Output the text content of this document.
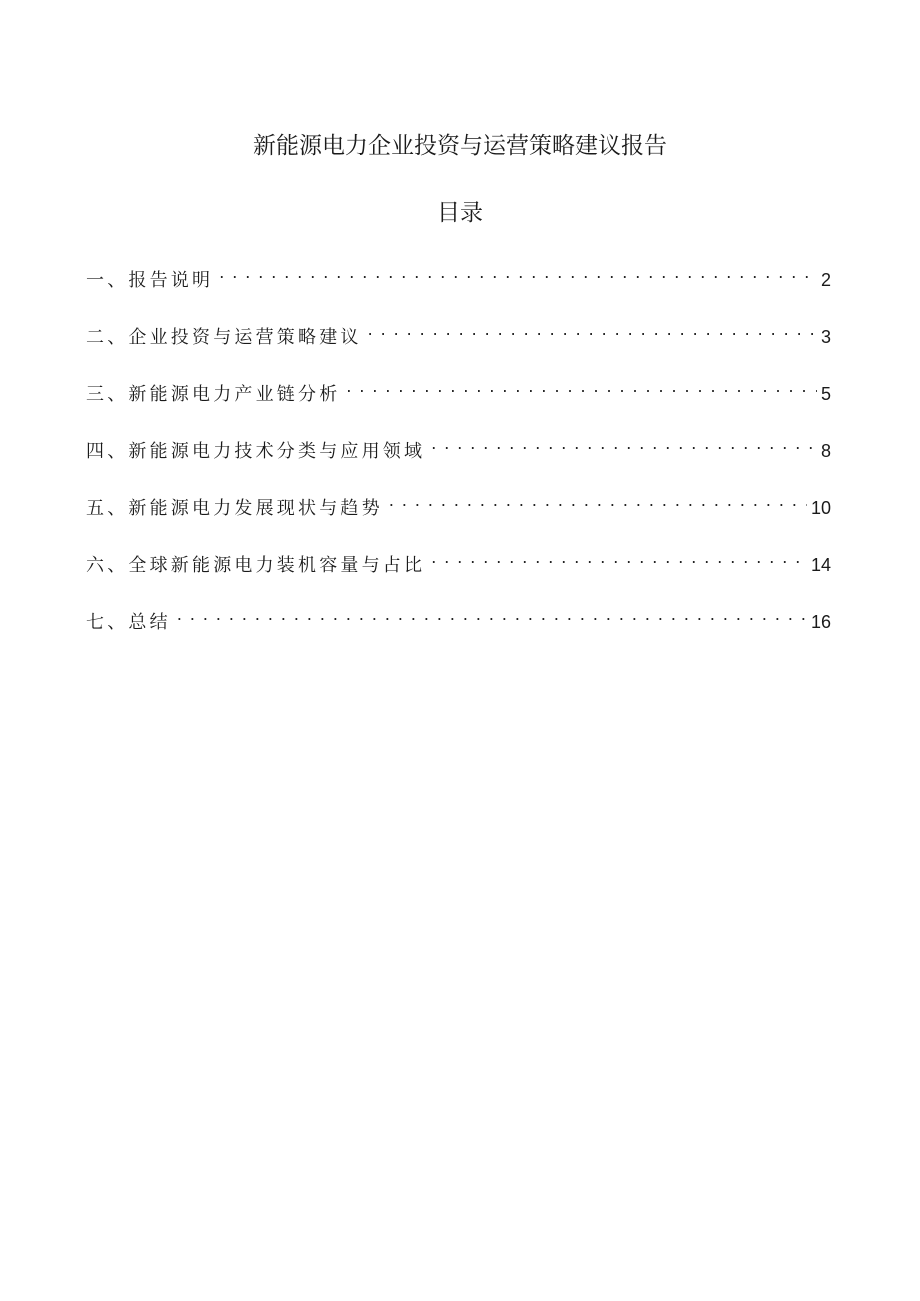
新能源电力企业投资与运营策略建议报告
目录
一、报告说明 . . .	2
二、企业投资与运营策略建议 . . .	3
三、新能源电力产业链分析 . . .	5
四、新能源电力技术分类与应用领域 . . .	8
五、新能源电力发展现状与趋势 . . .	10
六、全球新能源电力装机容量与占比 . . .	14
七、总结 . . .	16
